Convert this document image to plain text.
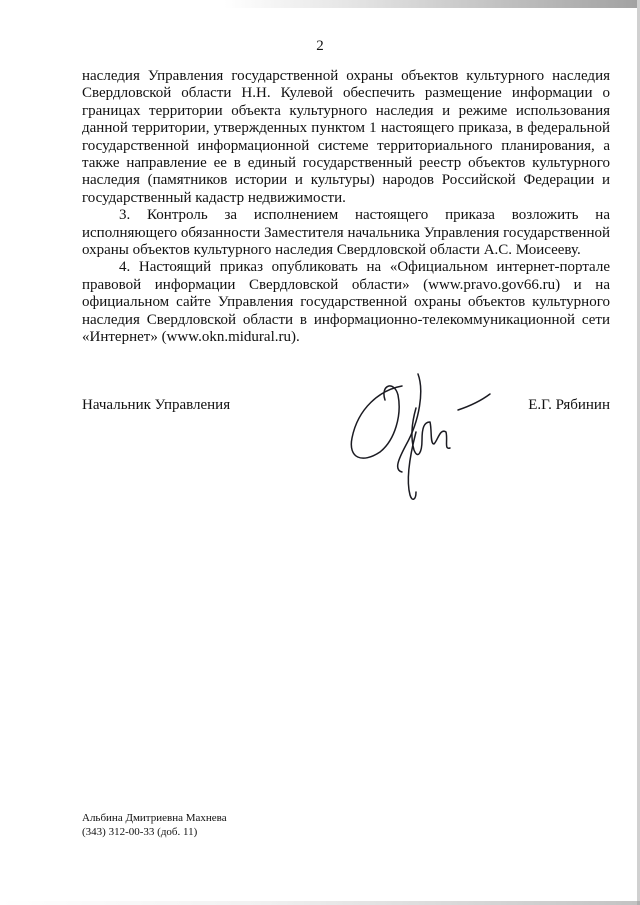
2

наследия Управления государственной охраны объектов культурного наследия Свердловской области Н.Н. Кулевой обеспечить размещение информации о границах территории объекта культурного наследия и режиме использования данной территории, утвержденных пунктом 1 настоящего приказа, в федеральной государственной информационной системе территориального планирования, а также направление ее в единый государственный реестр объектов культурного наследия (памятников истории и культуры) народов Российской Федерации и государственный кадастр недвижимости.

3. Контроль за исполнением настоящего приказа возложить на исполняющего обязанности Заместителя начальника Управления государственной охраны объектов культурного наследия Свердловской области А.С. Моисееву.

4. Настоящий приказ опубликовать на «Официальном интернет-портале правовой информации Свердловской области» (www.pravo.gov66.ru) и на официальном сайте Управления государственной охраны объектов культурного наследия Свердловской области в информационно-телекоммуникационной сети «Интернет» (www.okn.midural.ru).

Начальник Управления	Е.Г. Рябинин
Альбина Дмитриевна Махнева
(343) 312-00-33 (доб. 11)
